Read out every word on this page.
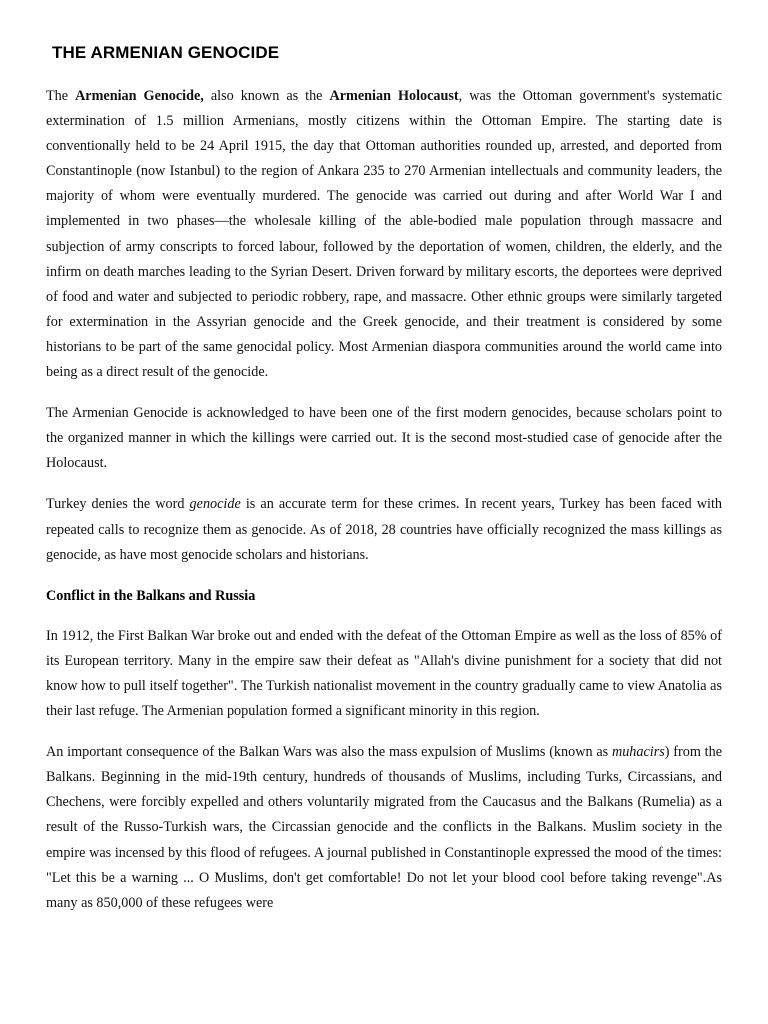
THE ARMENIAN GENOCIDE

The Armenian Genocide, also known as the Armenian Holocaust, was the Ottoman government's systematic extermination of 1.5 million Armenians, mostly citizens within the Ottoman Empire. The starting date is conventionally held to be 24 April 1915, the day that Ottoman authorities rounded up, arrested, and deported from Constantinople (now Istanbul) to the region of Ankara 235 to 270 Armenian intellectuals and community leaders, the majority of whom were eventually murdered. The genocide was carried out during and after World War I and implemented in two phases—the wholesale killing of the able-bodied male population through massacre and subjection of army conscripts to forced labour, followed by the deportation of women, children, the elderly, and the infirm on death marches leading to the Syrian Desert. Driven forward by military escorts, the deportees were deprived of food and water and subjected to periodic robbery, rape, and massacre. Other ethnic groups were similarly targeted for extermination in the Assyrian genocide and the Greek genocide, and their treatment is considered by some historians to be part of the same genocidal policy. Most Armenian diaspora communities around the world came into being as a direct result of the genocide.

The Armenian Genocide is acknowledged to have been one of the first modern genocides, because scholars point to the organized manner in which the killings were carried out. It is the second most-studied case of genocide after the Holocaust.

Turkey denies the word genocide is an accurate term for these crimes. In recent years, Turkey has been faced with repeated calls to recognize them as genocide. As of 2018, 28 countries have officially recognized the mass killings as genocide, as have most genocide scholars and historians.

Conflict in the Balkans and Russia

In 1912, the First Balkan War broke out and ended with the defeat of the Ottoman Empire as well as the loss of 85% of its European territory. Many in the empire saw their defeat as "Allah's divine punishment for a society that did not know how to pull itself together". The Turkish nationalist movement in the country gradually came to view Anatolia as their last refuge. The Armenian population formed a significant minority in this region.

An important consequence of the Balkan Wars was also the mass expulsion of Muslims (known as muhacirs) from the Balkans. Beginning in the mid-19th century, hundreds of thousands of Muslims, including Turks, Circassians, and Chechens, were forcibly expelled and others voluntarily migrated from the Caucasus and the Balkans (Rumelia) as a result of the Russo-Turkish wars, the Circassian genocide and the conflicts in the Balkans. Muslim society in the empire was incensed by this flood of refugees. A journal published in Constantinople expressed the mood of the times: "Let this be a warning ... O Muslims, don't get comfortable! Do not let your blood cool before taking revenge".As many as 850,000 of these refugees were
